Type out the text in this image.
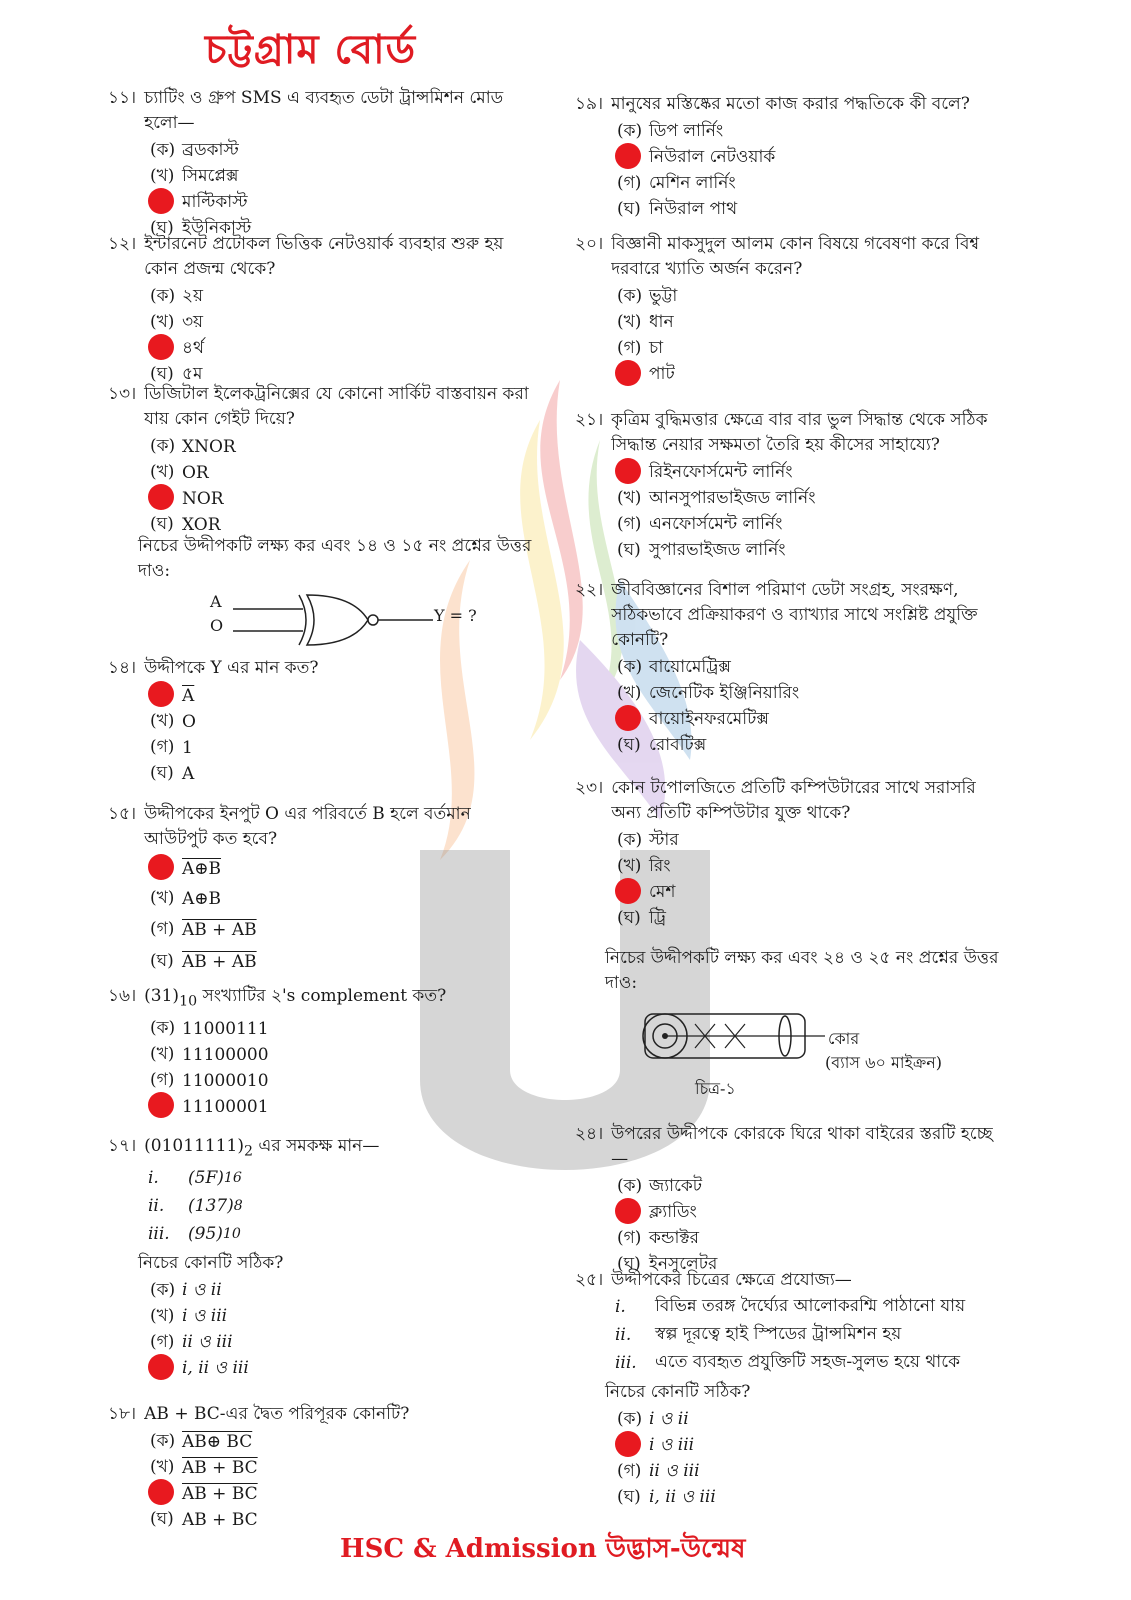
চট্টগ্রাম বোর্ড
১১। চ্যাটিং ও গ্রুপ SMS এ ব্যবহৃত ডেটা ট্রান্সমিশন মোড হলো—
(ক) ব্রডকাস্ট
(খ) সিমপ্লেক্স
মাল্টিকাস্ট
(ঘ) ইউনিকাস্ট
১২। ইন্টারনেট প্রটোকল ভিত্তিক নেটওয়ার্ক ব্যবহার শুরু হয় কোন প্রজন্ম থেকে?
(ক) ২য়
(খ) ৩য়
৪র্থ
(ঘ) ৫ম
১৩। ডিজিটাল ইলেকট্রনিক্সের যে কোনো সার্কিট বাস্তবায়ন করা যায় কোন গেইট দিয়ে?
(ক) XNOR
(খ) OR
NOR
(ঘ) XOR
নিচের উদ্দীপকটি লক্ষ্য কর এবং ১৪ ও ১৫ নং প্রশ্নের উত্তর দাও:
A
O
Y = ?
১৪। উদ্দীপকে Y এর মান কত?
$\overline{A}$
(খ) O
(গ) 1
(ঘ) A
১৫। উদ্দীপকের ইনপুট O এর পরিবর্তে B হলে বর্তমান আউটপুট কত হবে?
A⊕B
(খ) A⊕B
(গ) AB + AB
(ঘ) AB + AB
১৬। $(31)_{10}$ সংখ্যাটির ২'s complement কত?
(ক) 11000111
(খ) 11100000
(গ) 11000010
11100001
১৭। $(01011111)_2$ এর সমকক্ষ মান—
i.	(5F) 16
ii.	(137) 8
iii.	(95) 10
নিচের কোনটি সঠিক?
(ক) i ও ii
(খ) i ও iii
(গ) ii ও iii
i, ii ও iii
১৮। AB + BC-এর দ্বৈত পরিপূরক কোনটি?
(ক) AB⊕ BC
(খ) AB + BC
AB + BC
(ঘ) AB + BC
১৯। মানুষের মস্তিষ্কের মতো কাজ করার পদ্ধতিকে কী বলে?
(ক) ডিপ লার্নিং
নিউরাল নেটওয়ার্ক
(গ) মেশিন লার্নিং
(ঘ) নিউরাল পাথ
২০। বিজ্ঞানী মাকসুদুল আলম কোন বিষয়ে গবেষণা করে বিশ্ব দরবারে খ্যাতি অর্জন করেন?
(ক) ভুট্টা
(খ) ধান
(গ) চা
পাট
২১। কৃত্রিম বুদ্ধিমত্তার ক্ষেত্রে বার বার ভুল সিদ্ধান্ত থেকে সঠিক সিদ্ধান্ত নেয়ার সক্ষমতা তৈরি হয় কীসের সাহায্যে?
রিইনফোর্সমেন্ট লার্নিং
(খ) আনসুপারভাইজড লার্নিং
(গ) এনফোর্সমেন্ট লার্নিং
(ঘ) সুপারভাইজড লার্নিং
২২। জীববিজ্ঞানের বিশাল পরিমাণ ডেটা সংগ্রহ, সংরক্ষণ, সঠিকভাবে প্রক্রিয়াকরণ ও ব্যাখ্যার সাথে সংশ্লিষ্ট প্রযুক্তি কোনটি?
(ক) বায়োমেট্রিক্স
(খ) জেনেটিক ইঞ্জিনিয়ারিং
বায়োইনফরমেটিক্স
(ঘ) রোবটিক্স
২৩। কোন টপোলজিতে প্রতিটি কম্পিউটারের সাথে সরাসরি অন্য প্রতিটি কম্পিউটার যুক্ত থাকে?
(ক) স্টার
(খ) রিং
মেশ
(ঘ) ট্রি
নিচের উদ্দীপকটি লক্ষ্য কর এবং ২৪ ও ২৫ নং প্রশ্নের উত্তর দাও:
কোর
(ব্যাস ৬০ মাইক্রন)
চিত্র-১
২৪। উপরের উদ্দীপকে কোরকে ঘিরে থাকা বাইরের স্তরটি হচ্ছে—
(ক) জ্যাকেট
ক্ল্যাডিং
(গ) কন্ডাক্টর
(ঘ) ইনসুলেটর
২৫। উদ্দীপকের চিত্রের ক্ষেত্রে প্রযোজ্য—
i.	বিভিন্ন তরঙ্গ দৈর্ঘ্যের আলোকরশ্মি পাঠানো যায়
ii.	স্বল্প দূরত্বে হাই স্পিডের ট্রান্সমিশন হয়
iii.	এতে ব্যবহৃত প্রযুক্তিটি সহজ-সুলভ হয়ে থাকে
নিচের কোনটি সঠিক?
(ক) i ও ii
i ও iii
(গ) ii ও iii
(ঘ) i, ii ও iii
HSC & Admission উদ্ভাস-উন্মেষ
